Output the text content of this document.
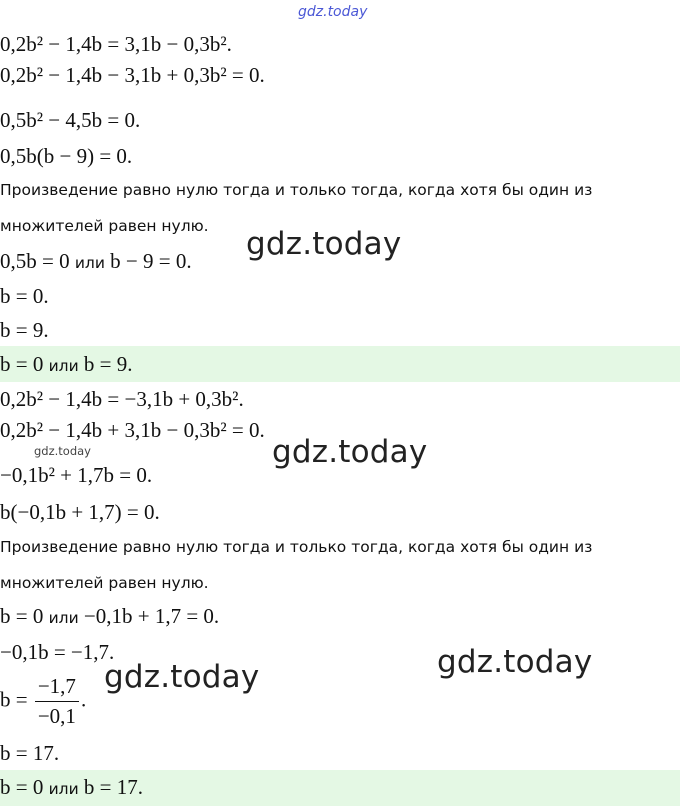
gdz.today
0,2b² − 1,4b = 3,1b − 0,3b².
0,2b² − 1,4b − 3,1b + 0,3b² = 0.
0,5b² − 4,5b = 0.
0,5b(b − 9) = 0.
Произведение равно нулю тогда и только тогда, когда хотя бы один из
множителей равен нулю.
0,5b = 0 или b − 9 = 0. gdz.today
b = 0.
b = 9.
b = 0 или b = 9.
0,2b² − 1,4b = −3,1b + 0,3b².
0,2b² − 1,4b + 3,1b − 0,3b² = 0.
gdz.today	gdz.today
−0,1b² + 1,7b = 0.
b(−0,1b + 1,7) = 0.
Произведение равно нулю тогда и только тогда, когда хотя бы один из
множителей равен нулю.
b = 0 или −0,1b + 1,7 = 0.
−0,1b = −1,7.	gdz.today
$b = \frac{-1,7}{-0,1}$ .
gdz.today
b = 17.
b = 0 или b = 17.
